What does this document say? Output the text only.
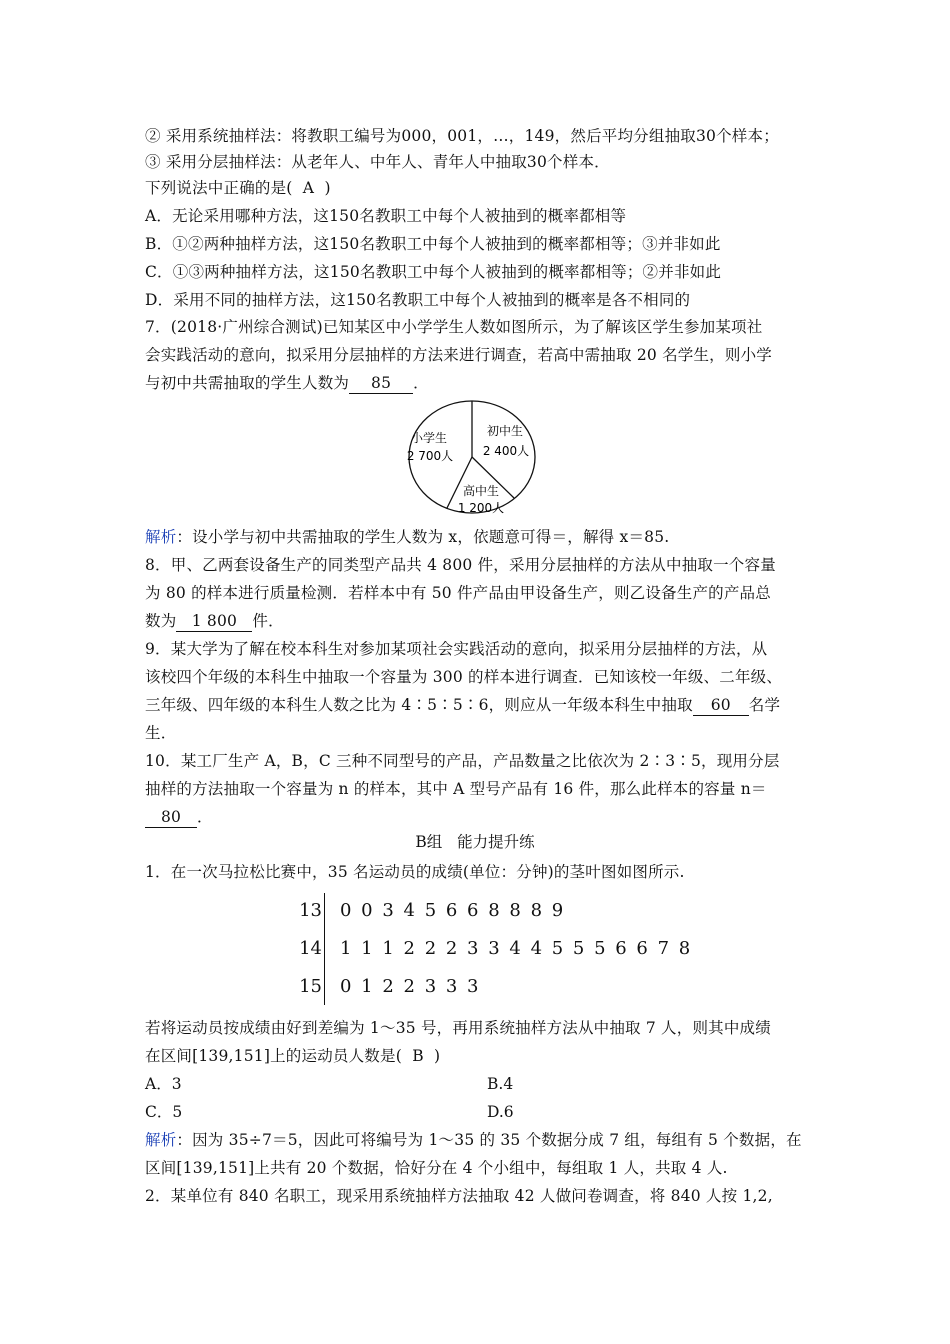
② 采用系统抽样法：将教职工编号为000，001，…，149，然后平均分组抽取30个样本；
③ 采用分层抽样法：从老年人、中年人、青年人中抽取30个样本．
下列说法中正确的是(  A  )
A．无论采用哪种方法，这150名教职工中每个人被抽到的概率都相等
B．①②两种抽样方法，这150名教职工中每个人被抽到的概率都相等；③并非如此
C．①③两种抽样方法，这150名教职工中每个人被抽到的概率都相等；②并非如此
D．采用不同的抽样方法，这150名教职工中每个人被抽到的概率是各不相同的
7．(2018·广州综合测试)已知某区中小学学生人数如图所示，为了解该区学生参加某项社
会实践活动的意向，拟采用分层抽样的方法来进行调查，若高中需抽取 20 名学生，则小学
与初中共需抽取的学生人数为 85 ．
小学生
2 700人
初中生
2 400人
高中生
1 200人
解析：设小学与初中共需抽取的学生人数为 x，依题意可得＝，解得 x＝85.
8．甲、乙两套设备生产的同类型产品共 4 800 件，采用分层抽样的方法从中抽取一个容量
为 80 的样本进行质量检测．若样本中有 50 件产品由甲设备生产，则乙设备生产的产品总
数为 1 800 件．
9．某大学为了解在校本科生对参加某项社会实践活动的意向，拟采用分层抽样的方法，从
该校四个年级的本科生中抽取一个容量为 300 的样本进行调查．已知该校一年级、二年级、
三年级、四年级的本科生人数之比为 4∶5∶5∶6，则应从一年级本科生中抽取 60 名学
生．
10．某工厂生产 A，B，C 三种不同型号的产品，产品数量之比依次为 2∶3∶5，现用分层
抽样的方法抽取一个容量为 n 的样本，其中 A 型号产品有 16 件，那么此样本的容量 n＝
80 ．
B组   能力提升练
1．在一次马拉松比赛中，35 名运动员的成绩(单位：分钟)的茎叶图如图所示.
13 0 0 3 4 5 6 6 8 8 8 9
14 1 1 1 2 2 2 3 3 4 4 5 5 5 6 6 7 8
15 0 1 2 2 3 3 3
若将运动员按成绩由好到差编为 1～35 号，再用系统抽样方法从中抽取 7 人，则其中成绩
在区间[139,151]上的运动员人数是(  B  )
A．3	B.4
C．5	D.6
解析：因为 35÷7＝5，因此可将编号为 1～35 的 35 个数据分成 7 组，每组有 5 个数据，在
区间[139,151]上共有 20 个数据，恰好分在 4 个小组中，每组取 1 人，共取 4 人.
2．某单位有 840 名职工，现采用系统抽样方法抽取 42 人做问卷调查，将 840 人按 1,2,
